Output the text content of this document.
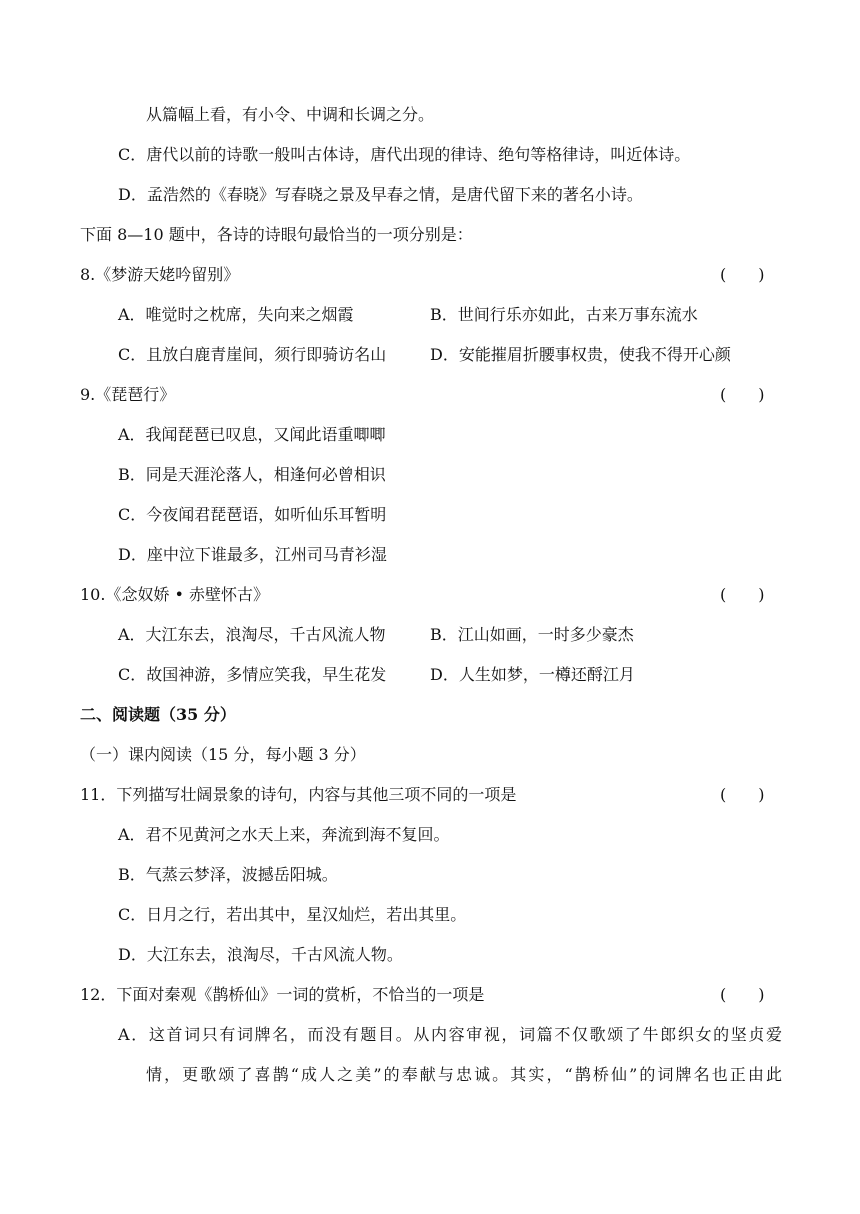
从篇幅上看，有小令、中调和长调之分。
C．唐代以前的诗歌一般叫古体诗，唐代出现的律诗、绝句等格律诗，叫近体诗。
D．孟浩然的《春晓》写春晓之景及早春之情，是唐代留下来的著名小诗。
下面 8—10 题中，各诗的诗眼句最恰当的一项分别是：
8.《梦游天姥吟留别》	(　　)
A．唯觉时之枕席，失向来之烟霞	B．世间行乐亦如此，古来万事东流水
C．且放白鹿青崖间，须行即骑访名山	D．安能摧眉折腰事权贵，使我不得开心颜
9.《琵琶行》	(　　)
A．我闻琵琶已叹息，又闻此语重唧唧
B．同是天涯沦落人，相逢何必曾相识
C．今夜闻君琵琶语，如听仙乐耳暂明
D．座中泣下谁最多，江州司马青衫湿
10.《念奴娇 • 赤壁怀古》	(　　)
A．大江东去，浪淘尽，千古风流人物	B．江山如画，一时多少豪杰
C．故国神游，多情应笑我，早生花发	D．人生如梦，一樽还酹江月
二、阅读题（35 分）
（一）课内阅读（15 分，每小题 3 分）
11．下列描写壮阔景象的诗句，内容与其他三项不同的一项是	(　　)
A．君不见黄河之水天上来，奔流到海不复回。
B．气蒸云梦泽，波撼岳阳城。
C．日月之行，若出其中，星汉灿烂，若出其里。
D．大江东去，浪淘尽，千古风流人物。
12．下面对秦观《鹊桥仙》一词的赏析，不恰当的一项是	(　　)
A．这首词只有词牌名，而没有题目。从内容审视，词篇不仅歌颂了牛郎织女的坚贞爱
情，更歌颂了喜鹊“成人之美”的奉献与忠诚。其实，“鹊桥仙”的词牌名也正由此
